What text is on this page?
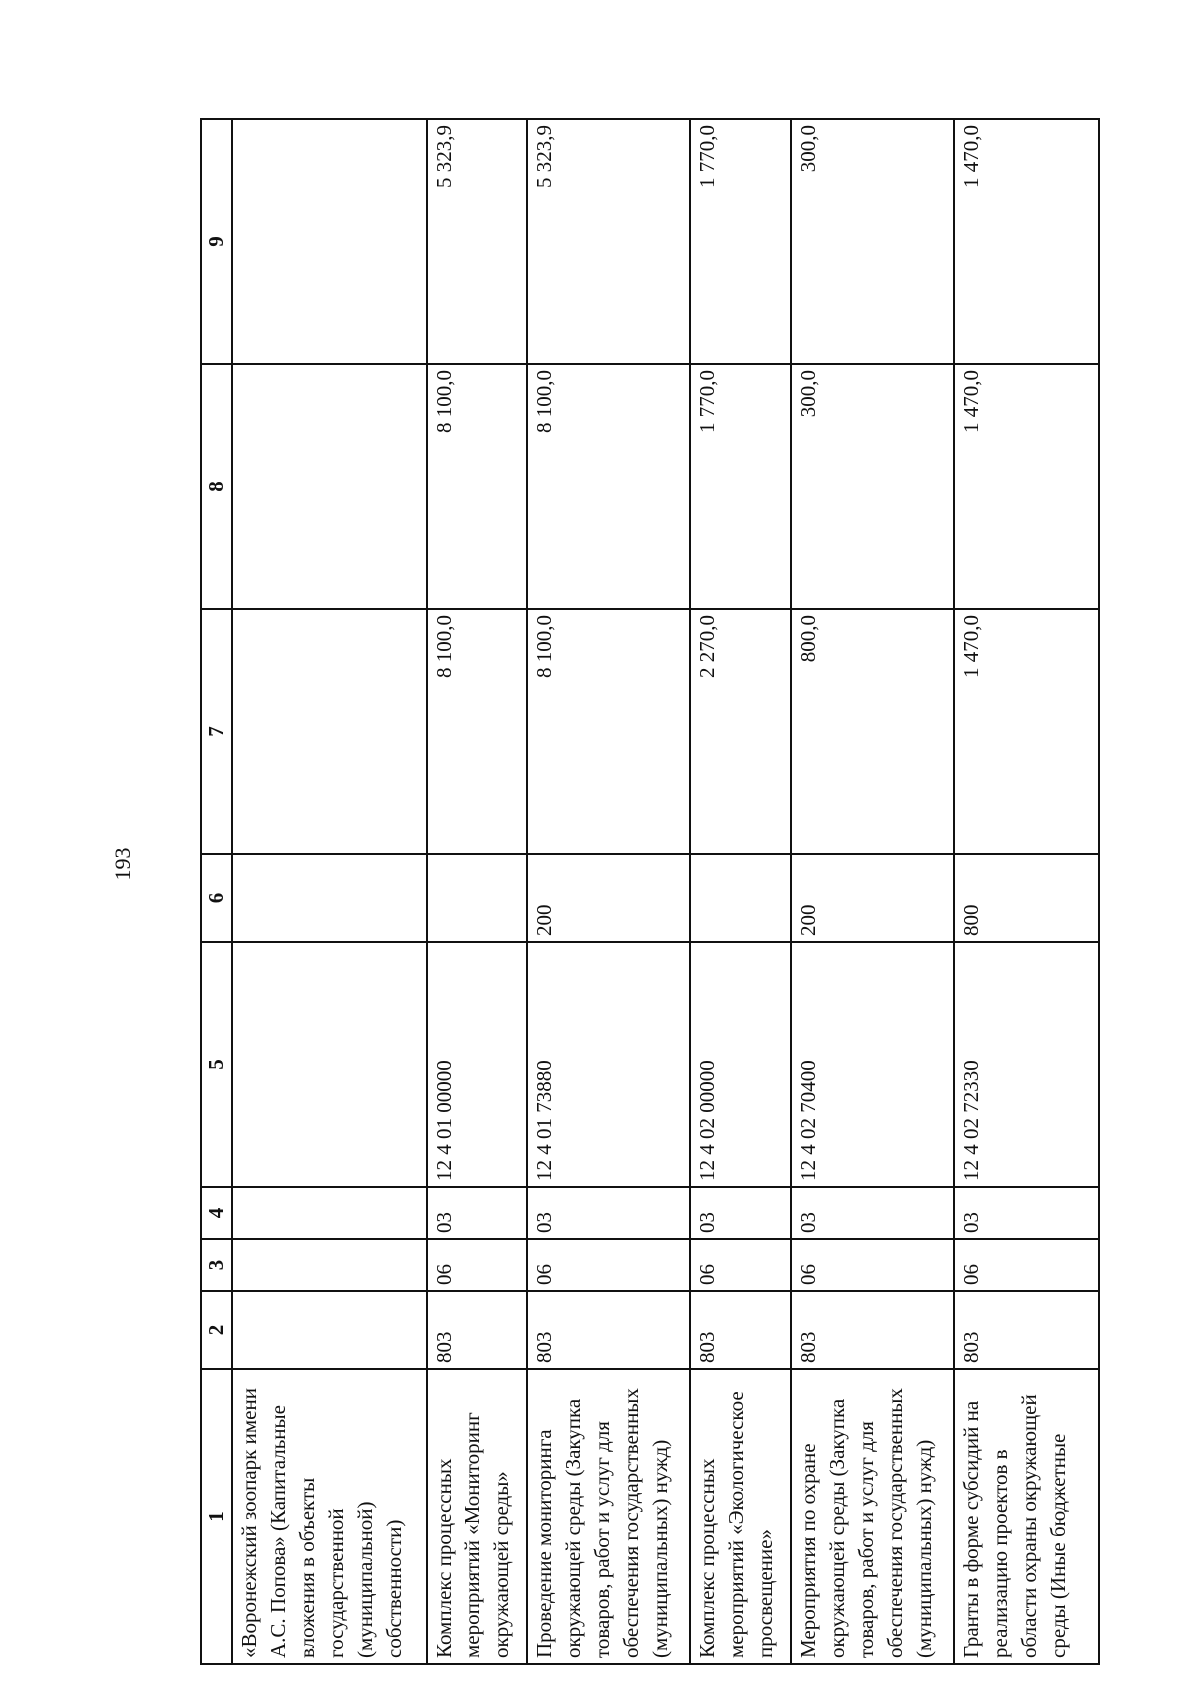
193
1	2	3	4	5	6	7	8	9
«Воронежский зоопарк имени А.С. Попова» (Капитальные вложения в объекты государственной (муниципальной) собственности)								
Комплекс процессных мероприятий «Мониторинг окружающей среды»	803	06	03	12 4 01 00000		8 100,0	8 100,0	5 323,9
Проведение мониторинга окружающей среды (Закупка товаров, работ и услуг для обеспечения государственных (муниципальных) нужд)	803	06	03	12 4 01 73880	200	8 100,0	8 100,0	5 323,9
Комплекс процессных мероприятий «Экологическое просвещение»	803	06	03	12 4 02 00000		2 270,0	1 770,0	1 770,0
Мероприятия по охране окружающей среды (Закупка товаров, работ и услуг для обеспечения государственных (муниципальных) нужд)	803	06	03	12 4 02 70400	200	800,0	300,0	300,0
Гранты в форме субсидий на реализацию проектов в области охраны окружающей среды (Иные бюджетные	803	06	03	12 4 02 72330	800	1 470,0	1 470,0	1 470,0
